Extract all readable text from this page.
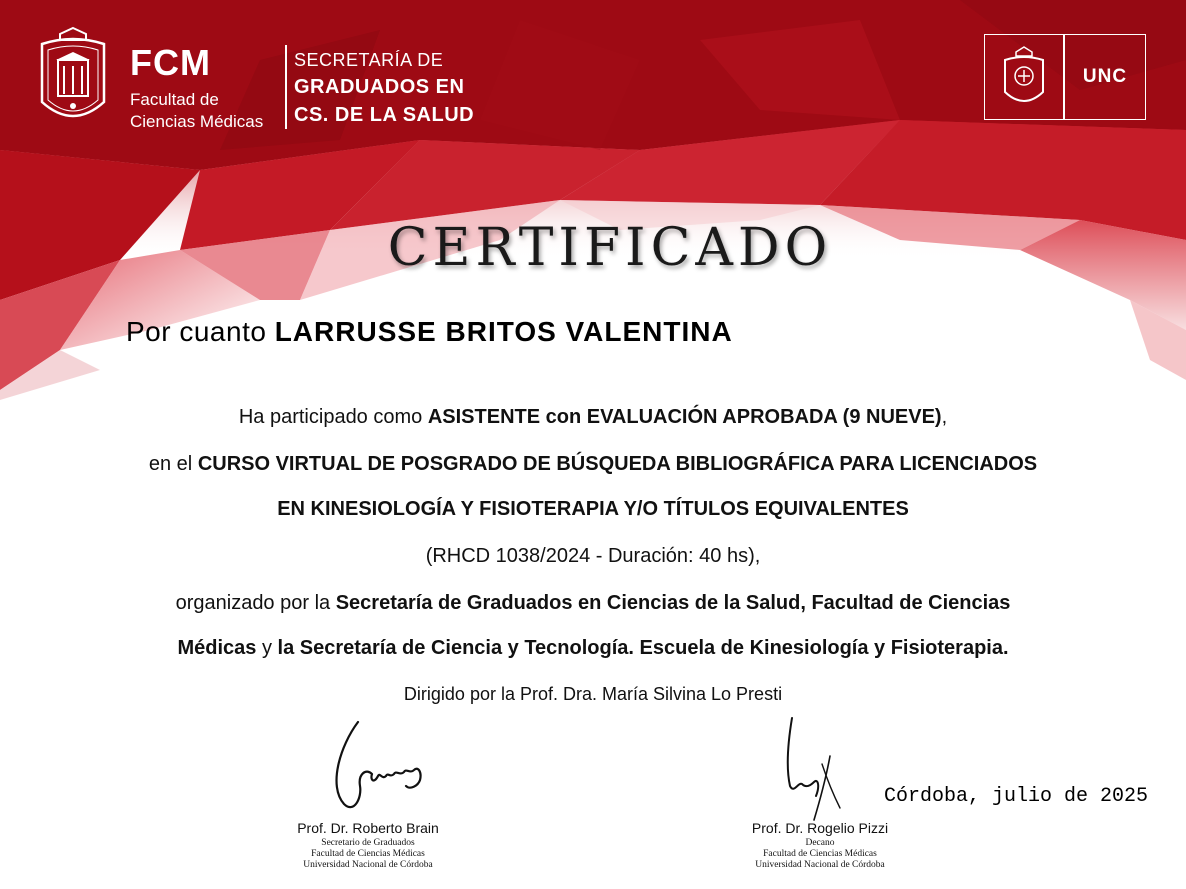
FCM
Facultad de
Ciencias Médicas
SECRETARÍA DE
GRADUADOS EN
CS. DE LA SALUD
UNC
CERTIFICADO
Por cuanto LARRUSSE BRITOS VALENTINA
Ha participado como ASISTENTE con EVALUACIÓN APROBADA (9 NUEVE),
en el CURSO VIRTUAL DE POSGRADO DE BÚSQUEDA BIBLIOGRÁFICA PARA LICENCIADOS
EN KINESIOLOGÍA Y FISIOTERAPIA Y/O TÍTULOS EQUIVALENTES
(RHCD 1038/2024 - Duración: 40 hs),
organizado por la Secretaría de Graduados en Ciencias de la Salud, Facultad de Ciencias
Médicas y la Secretaría de Ciencia y Tecnología. Escuela de Kinesiología y Fisioterapia.
Dirigido por la Prof. Dra. María Silvina Lo Presti
Prof. Dr. Roberto Brain
Secretario de Graduados
Facultad de Ciencias Médicas
Universidad Nacional de Córdoba
Prof. Dr. Rogelio Pizzi
Decano
Facultad de Ciencias Médicas
Universidad Nacional de Córdoba
Córdoba, julio de 2025
